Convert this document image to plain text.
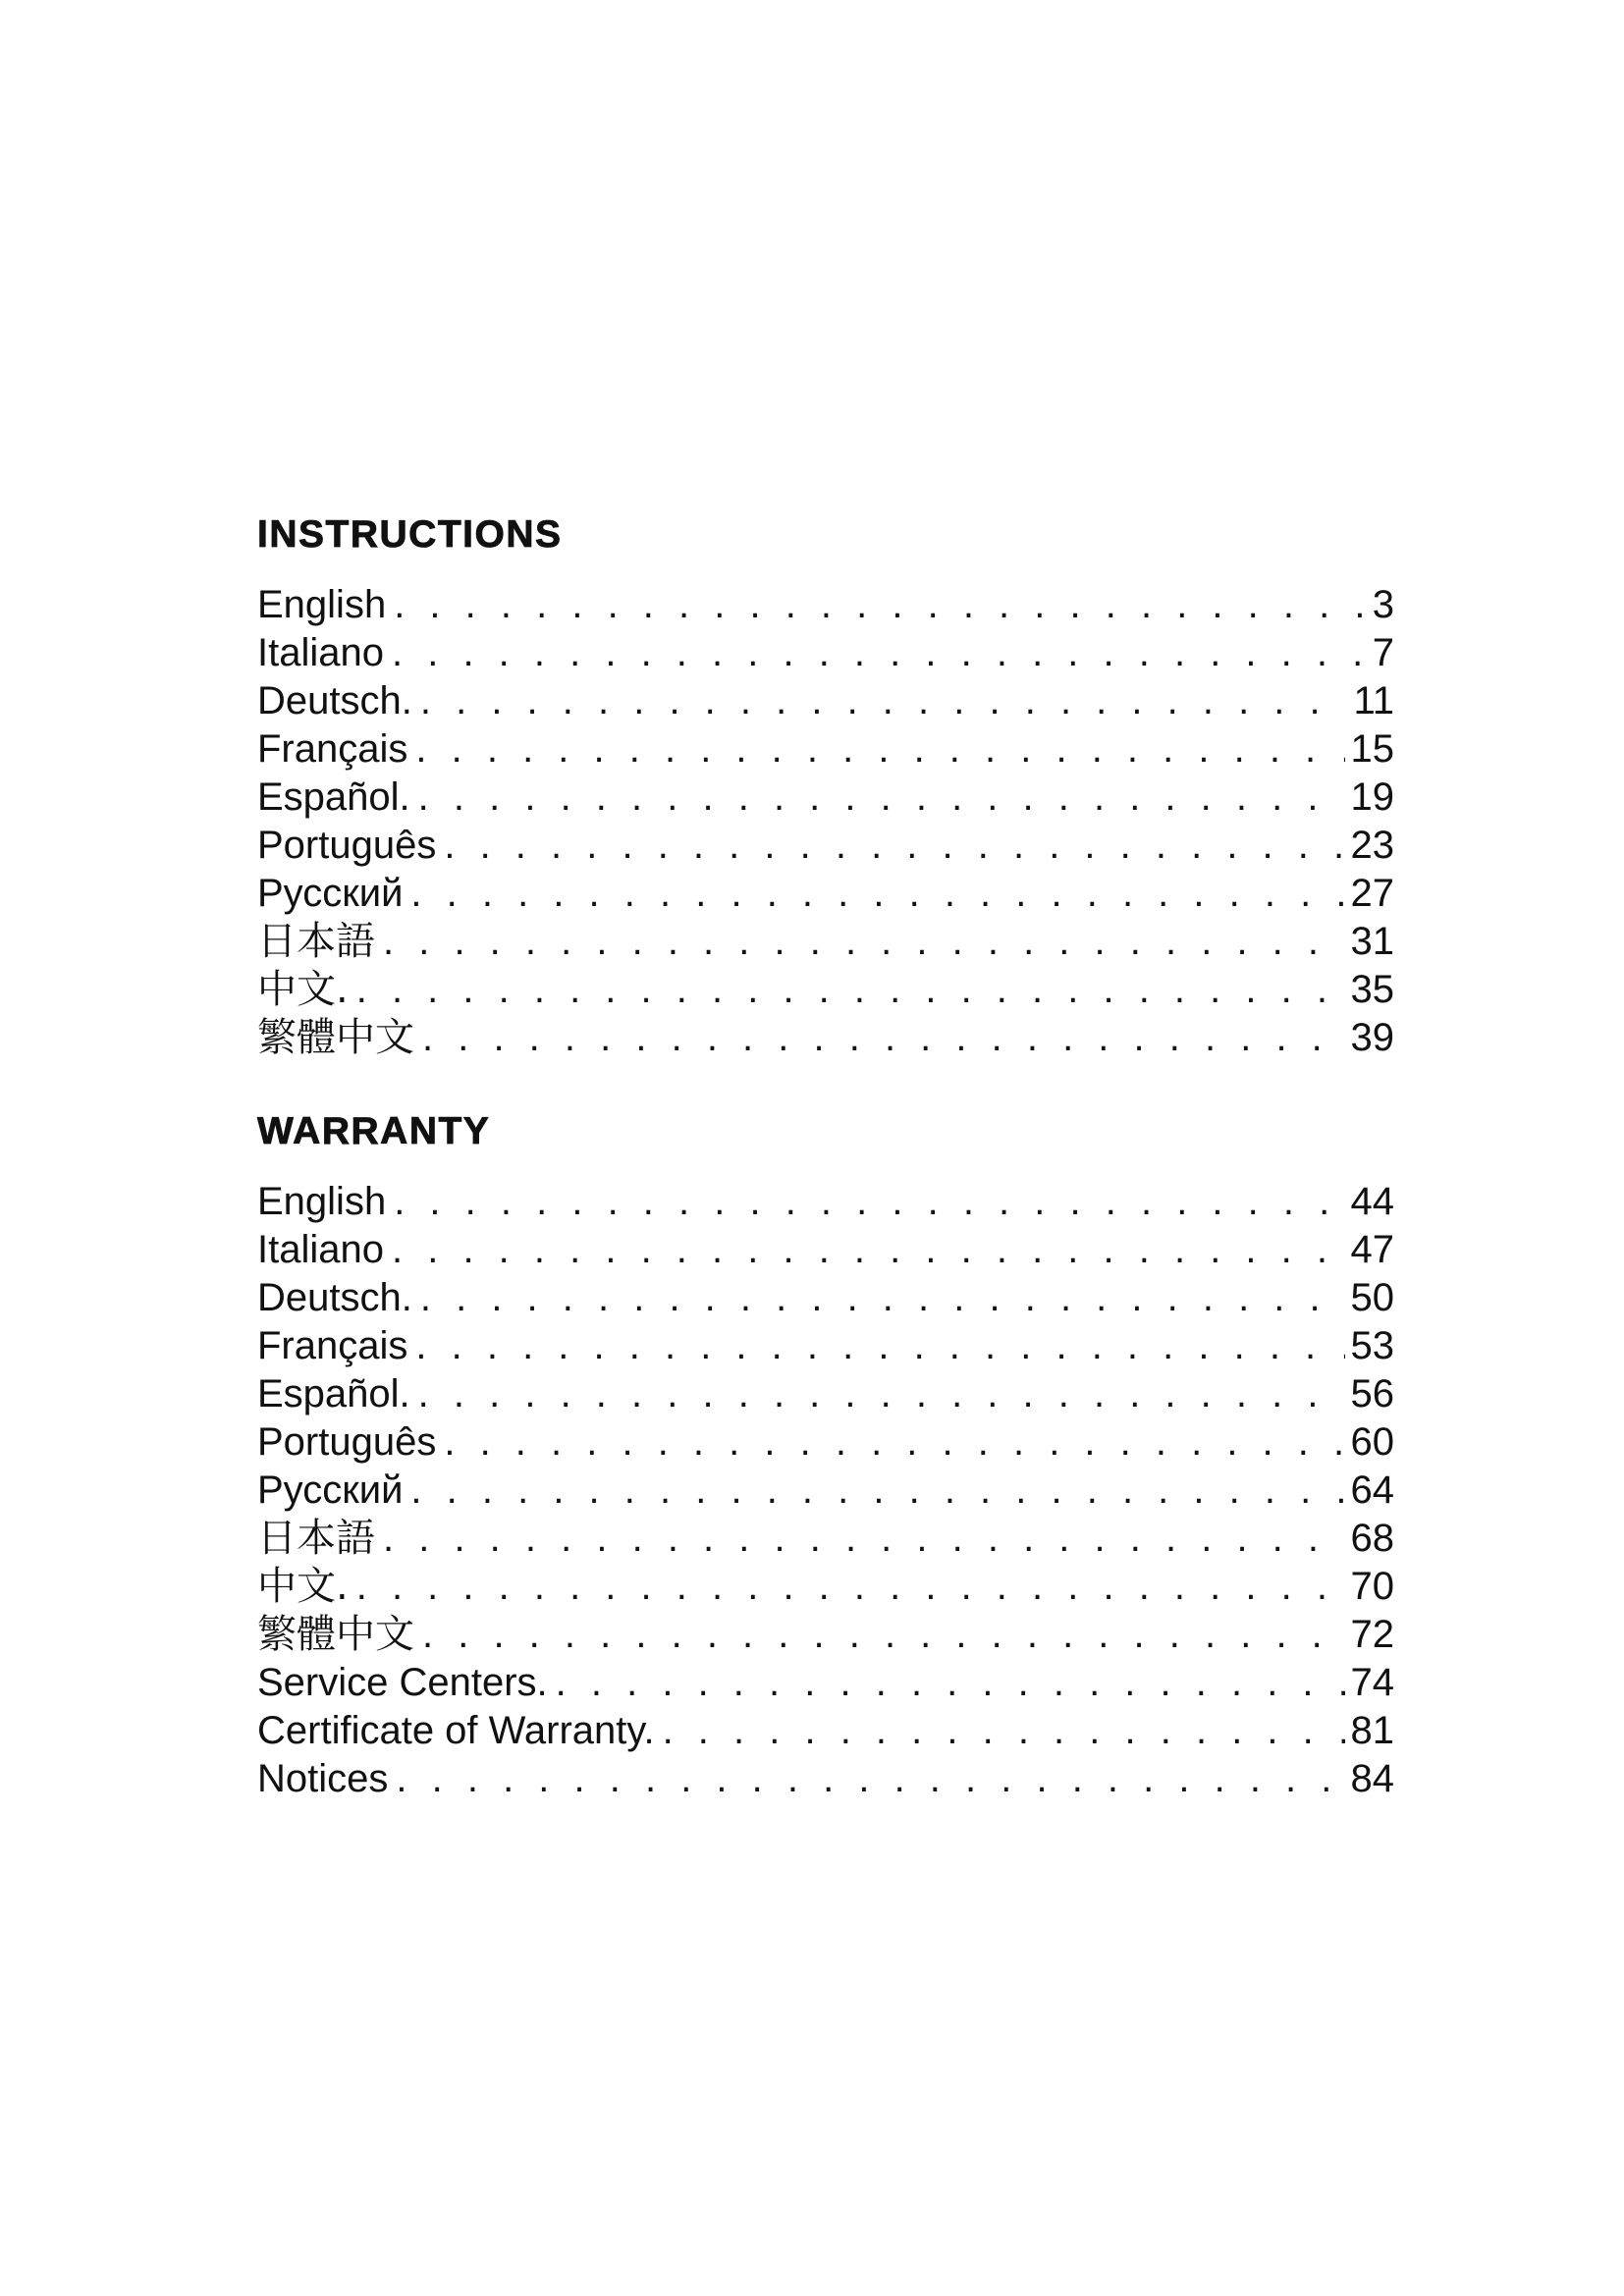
INSTRUCTIONS
English . . .	3
Italiano . . .	7
Deutsch. . . .	11
Français . . .	15
Español. . . .	19
Português . . .	23
Pусский . . .	27
日本語 . . .	31
中文. . . .	35
繁體中文 . . .	39
WARRANTY
English . . .	44
Italiano . . .	47
Deutsch. . . .	50
Français . . .	53
Español. . . .	56
Português . . .	60
Pусский . . .	64
日本語 . . .	68
中文. . . .	70
繁體中文 . . .	72
Service Centers. . . .	74
Certificate of Warranty. . . .	81
Notices . . .	84
